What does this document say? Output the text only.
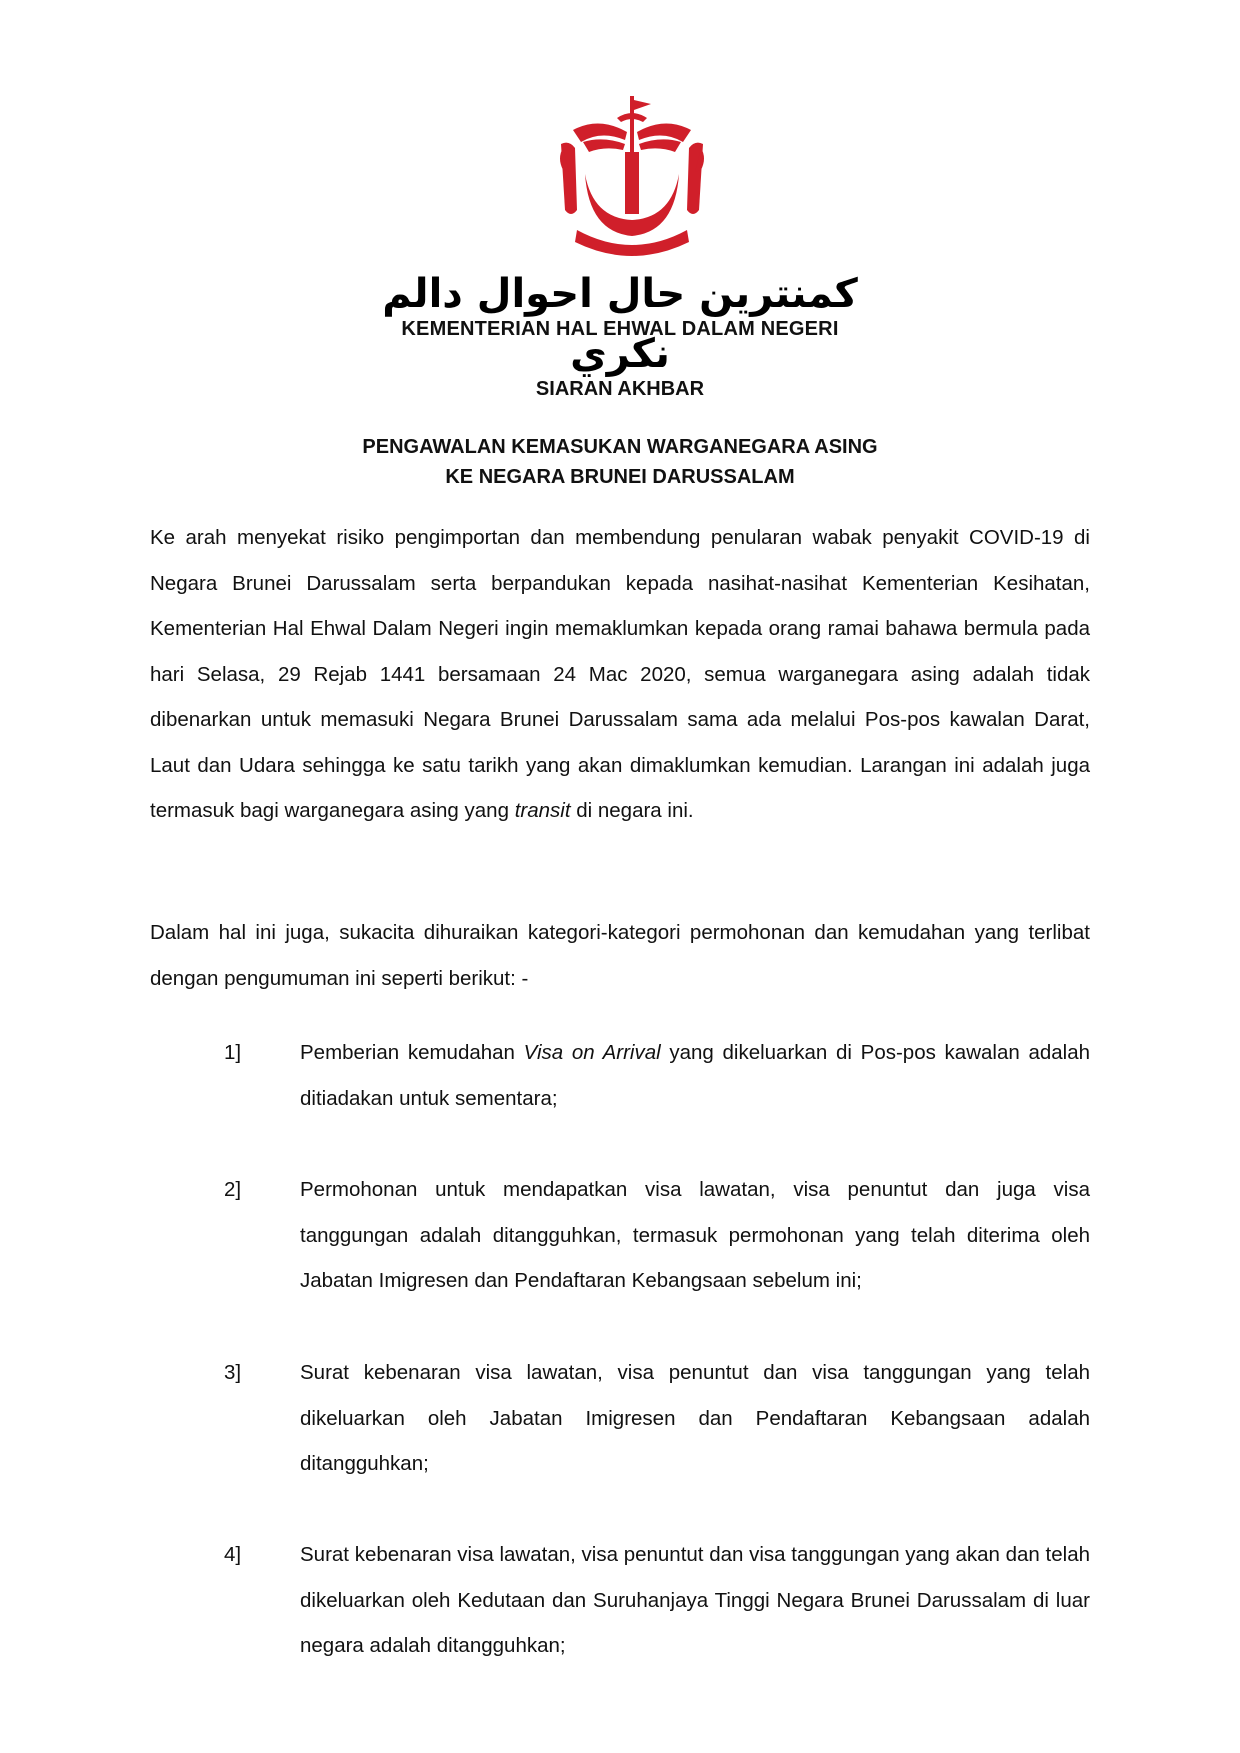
كمنترين حال احوال دالم نكري
KEMENTERIAN HAL EHWAL DALAM NEGERI
SIARAN AKHBAR
PENGAWALAN KEMASUKAN WARGANEGARA ASING
KE NEGARA BRUNEI DARUSSALAM

Ke arah menyekat risiko pengimportan dan membendung penularan wabak penyakit COVID-19 di Negara Brunei Darussalam serta berpandukan kepada nasihat-nasihat Kementerian Kesihatan, Kementerian Hal Ehwal Dalam Negeri ingin memaklumkan kepada orang ramai bahawa bermula pada hari Selasa, 29 Rejab 1441 bersamaan 24 Mac 2020, semua warganegara asing adalah tidak dibenarkan untuk memasuki Negara Brunei Darussalam sama ada melalui Pos-pos kawalan Darat, Laut dan Udara sehingga ke satu tarikh yang akan dimaklumkan kemudian. Larangan ini adalah juga termasuk bagi warganegara asing yang transit di negara ini.

Dalam hal ini juga, sukacita dihuraikan kategori-kategori permohonan dan kemudahan yang terlibat dengan pengumuman ini seperti berikut: -

1]	Pemberian kemudahan Visa on Arrival yang dikeluarkan di Pos-pos kawalan adalah ditiadakan untuk sementara;
2]	Permohonan untuk mendapatkan visa lawatan, visa penuntut dan juga visa tanggungan adalah ditangguhkan, termasuk permohonan yang telah diterima oleh Jabatan Imigresen dan Pendaftaran Kebangsaan sebelum ini;
3]	Surat kebenaran visa lawatan, visa penuntut dan visa tanggungan yang telah dikeluarkan oleh Jabatan Imigresen dan Pendaftaran Kebangsaan adalah ditangguhkan;
4]	Surat kebenaran visa lawatan, visa penuntut dan visa tanggungan yang akan dan telah dikeluarkan oleh Kedutaan dan Suruhanjaya Tinggi Negara Brunei Darussalam di luar negara adalah ditangguhkan;
